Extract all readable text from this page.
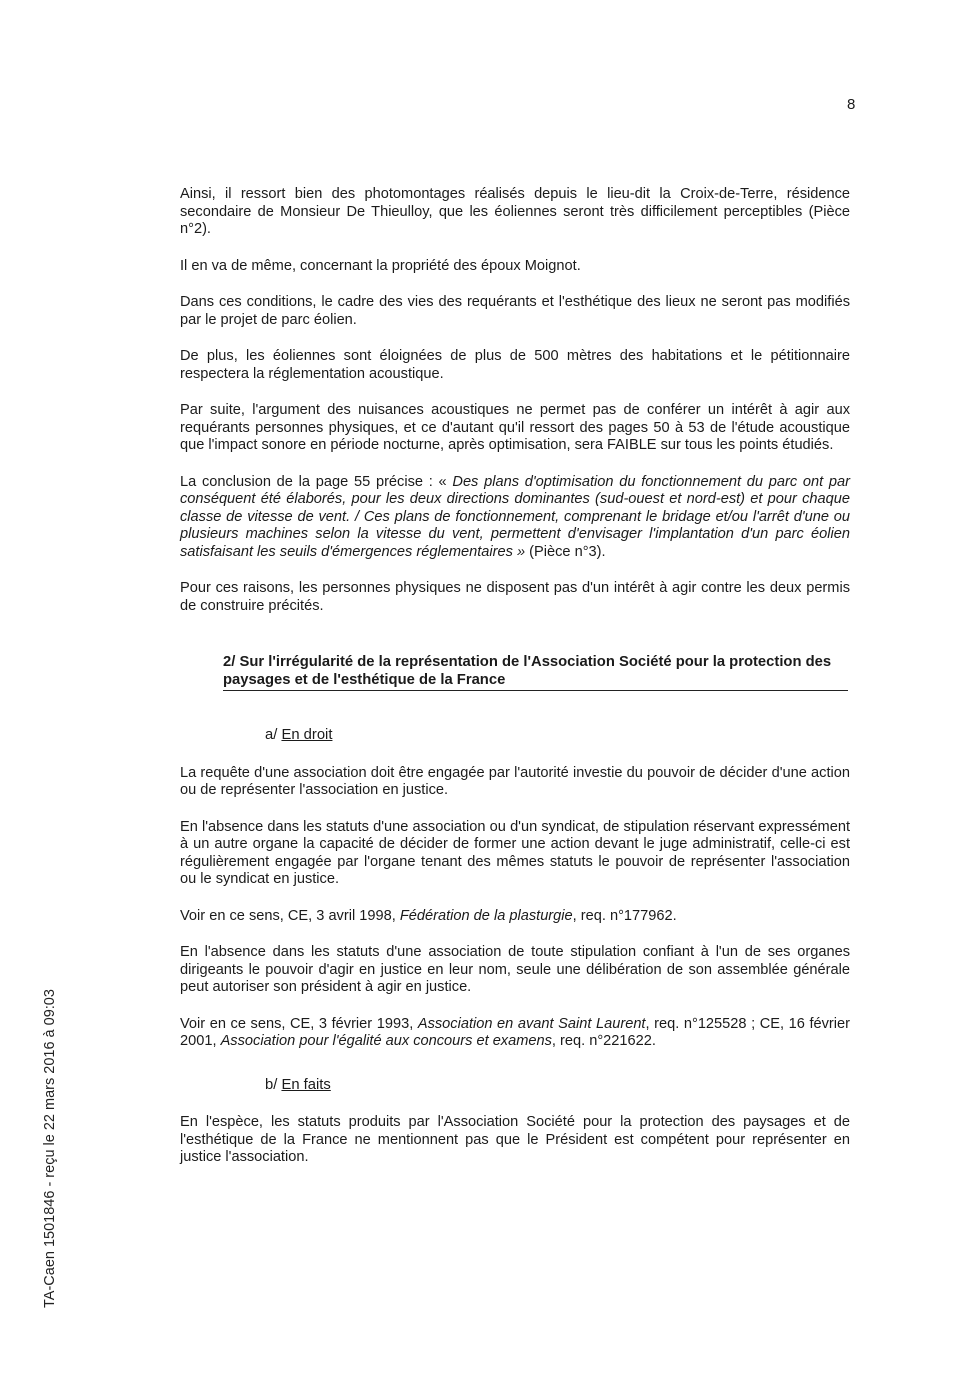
8

Ainsi, il ressort bien des photomontages réalisés depuis le lieu-dit la Croix-de-Terre, résidence secondaire de Monsieur De Thieulloy, que les éoliennes seront très difficilement perceptibles (Pièce n°2).

Il en va de même, concernant la propriété des époux Moignot.

Dans ces conditions, le cadre des vies des requérants et l'esthétique des lieux ne seront pas modifiés par le projet de parc éolien.

De plus, les éoliennes sont éloignées de plus de 500 mètres des habitations et le pétitionnaire respectera la réglementation acoustique.

Par suite, l'argument des nuisances acoustiques ne permet pas de conférer un intérêt à agir aux requérants personnes physiques, et ce d'autant qu'il ressort des pages 50 à 53 de l'étude acoustique que l'impact sonore en période nocturne, après optimisation, sera FAIBLE sur tous les points étudiés.

La conclusion de la page 55 précise : « Des plans d'optimisation du fonctionnement du parc ont par conséquent été élaborés, pour les deux directions dominantes (sud-ouest et nord-est) et pour chaque classe de vitesse de vent. / Ces plans de fonctionnement, comprenant le bridage et/ou l'arrêt d'une ou plusieurs machines selon la vitesse du vent, permettent d'envisager l'implantation d'un parc éolien satisfaisant les seuils d'émergences réglementaires » (Pièce n°3).

Pour ces raisons, les personnes physiques ne disposent pas d'un intérêt à agir contre les deux permis de construire précités.

2/ Sur l'irrégularité de la représentation de l'Association Société pour la protection des paysages et de l'esthétique de la France
a/ En droit

La requête d'une association doit être engagée par l'autorité investie du pouvoir de décider d'une action ou de représenter l'association en justice.

En l'absence dans les statuts d'une association ou d'un syndicat, de stipulation réservant expressément à un autre organe la capacité de décider de former une action devant le juge administratif, celle-ci est régulièrement engagée par l'organe tenant des mêmes statuts le pouvoir de représenter l'association ou le syndicat en justice.

Voir en ce sens, CE, 3 avril 1998, Fédération de la plasturgie, req. n°177962.

En l'absence dans les statuts d'une association de toute stipulation confiant à l'un de ses organes dirigeants le pouvoir d'agir en justice en leur nom, seule une délibération de son assemblée générale peut autoriser son président à agir en justice.

Voir en ce sens, CE, 3 février 1993, Association en avant Saint Laurent, req. n°125528 ; CE, 16 février 2001, Association pour l'égalité aux concours et examens, req. n°221622.

b/ En faits

En l'espèce, les statuts produits par l'Association Société pour la protection des paysages et de l'esthétique de la France ne mentionnent pas que le Président est compétent pour représenter en justice l'association.

TA-Caen 1501846 - reçu le 22 mars 2016 à 09:03
